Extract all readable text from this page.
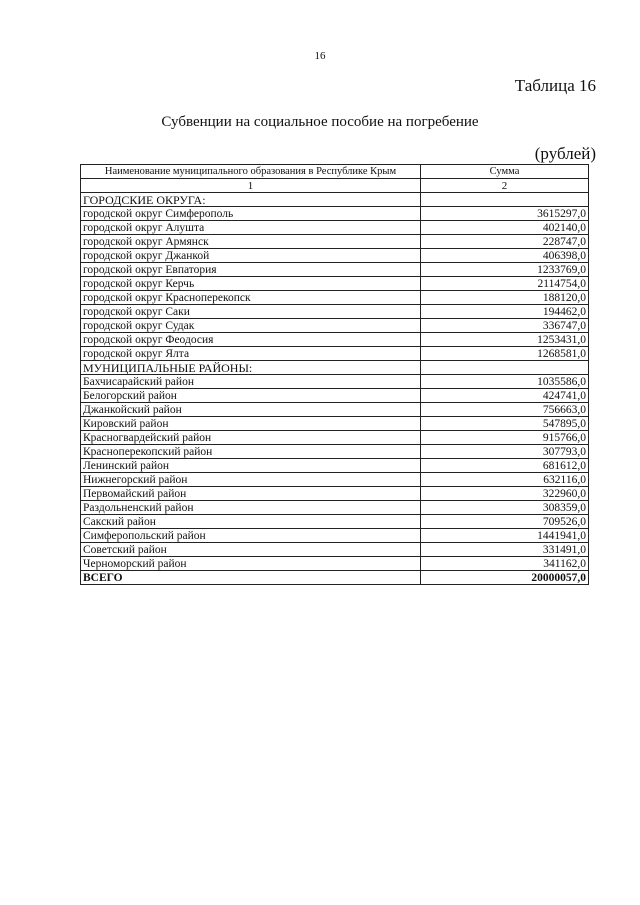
16
Таблица 16
Субвенции на социальное пособие на погребение
(рублей)
Наименование муниципального образования в Республике Крым	Сумма
1	2
ГОРОДСКИЕ ОКРУГА:	
городской округ Симферополь	3615297,0
городской округ Алушта	402140,0
городской округ Армянск	228747,0
городской округ Джанкой	406398,0
городской округ Евпатория	1233769,0
городской округ Керчь	2114754,0
городской округ Красноперекопск	188120,0
городской округ Саки	194462,0
городской округ Судак	336747,0
городской округ Феодосия	1253431,0
городской округ Ялта	1268581,0
МУНИЦИПАЛЬНЫЕ РАЙОНЫ:	
Бахчисарайский район	1035586,0
Белогорский район	424741,0
Джанкойский район	756663,0
Кировский район	547895,0
Красногвардейский район	915766,0
Красноперекопский район	307793,0
Ленинский район	681612,0
Нижнегорский район	632116,0
Первомайский район	322960,0
Раздольненский район	308359,0
Сакский район	709526,0
Симферопольский район	1441941,0
Советский район	331491,0
Черноморский район	341162,0
ВСЕГО	20000057,0
